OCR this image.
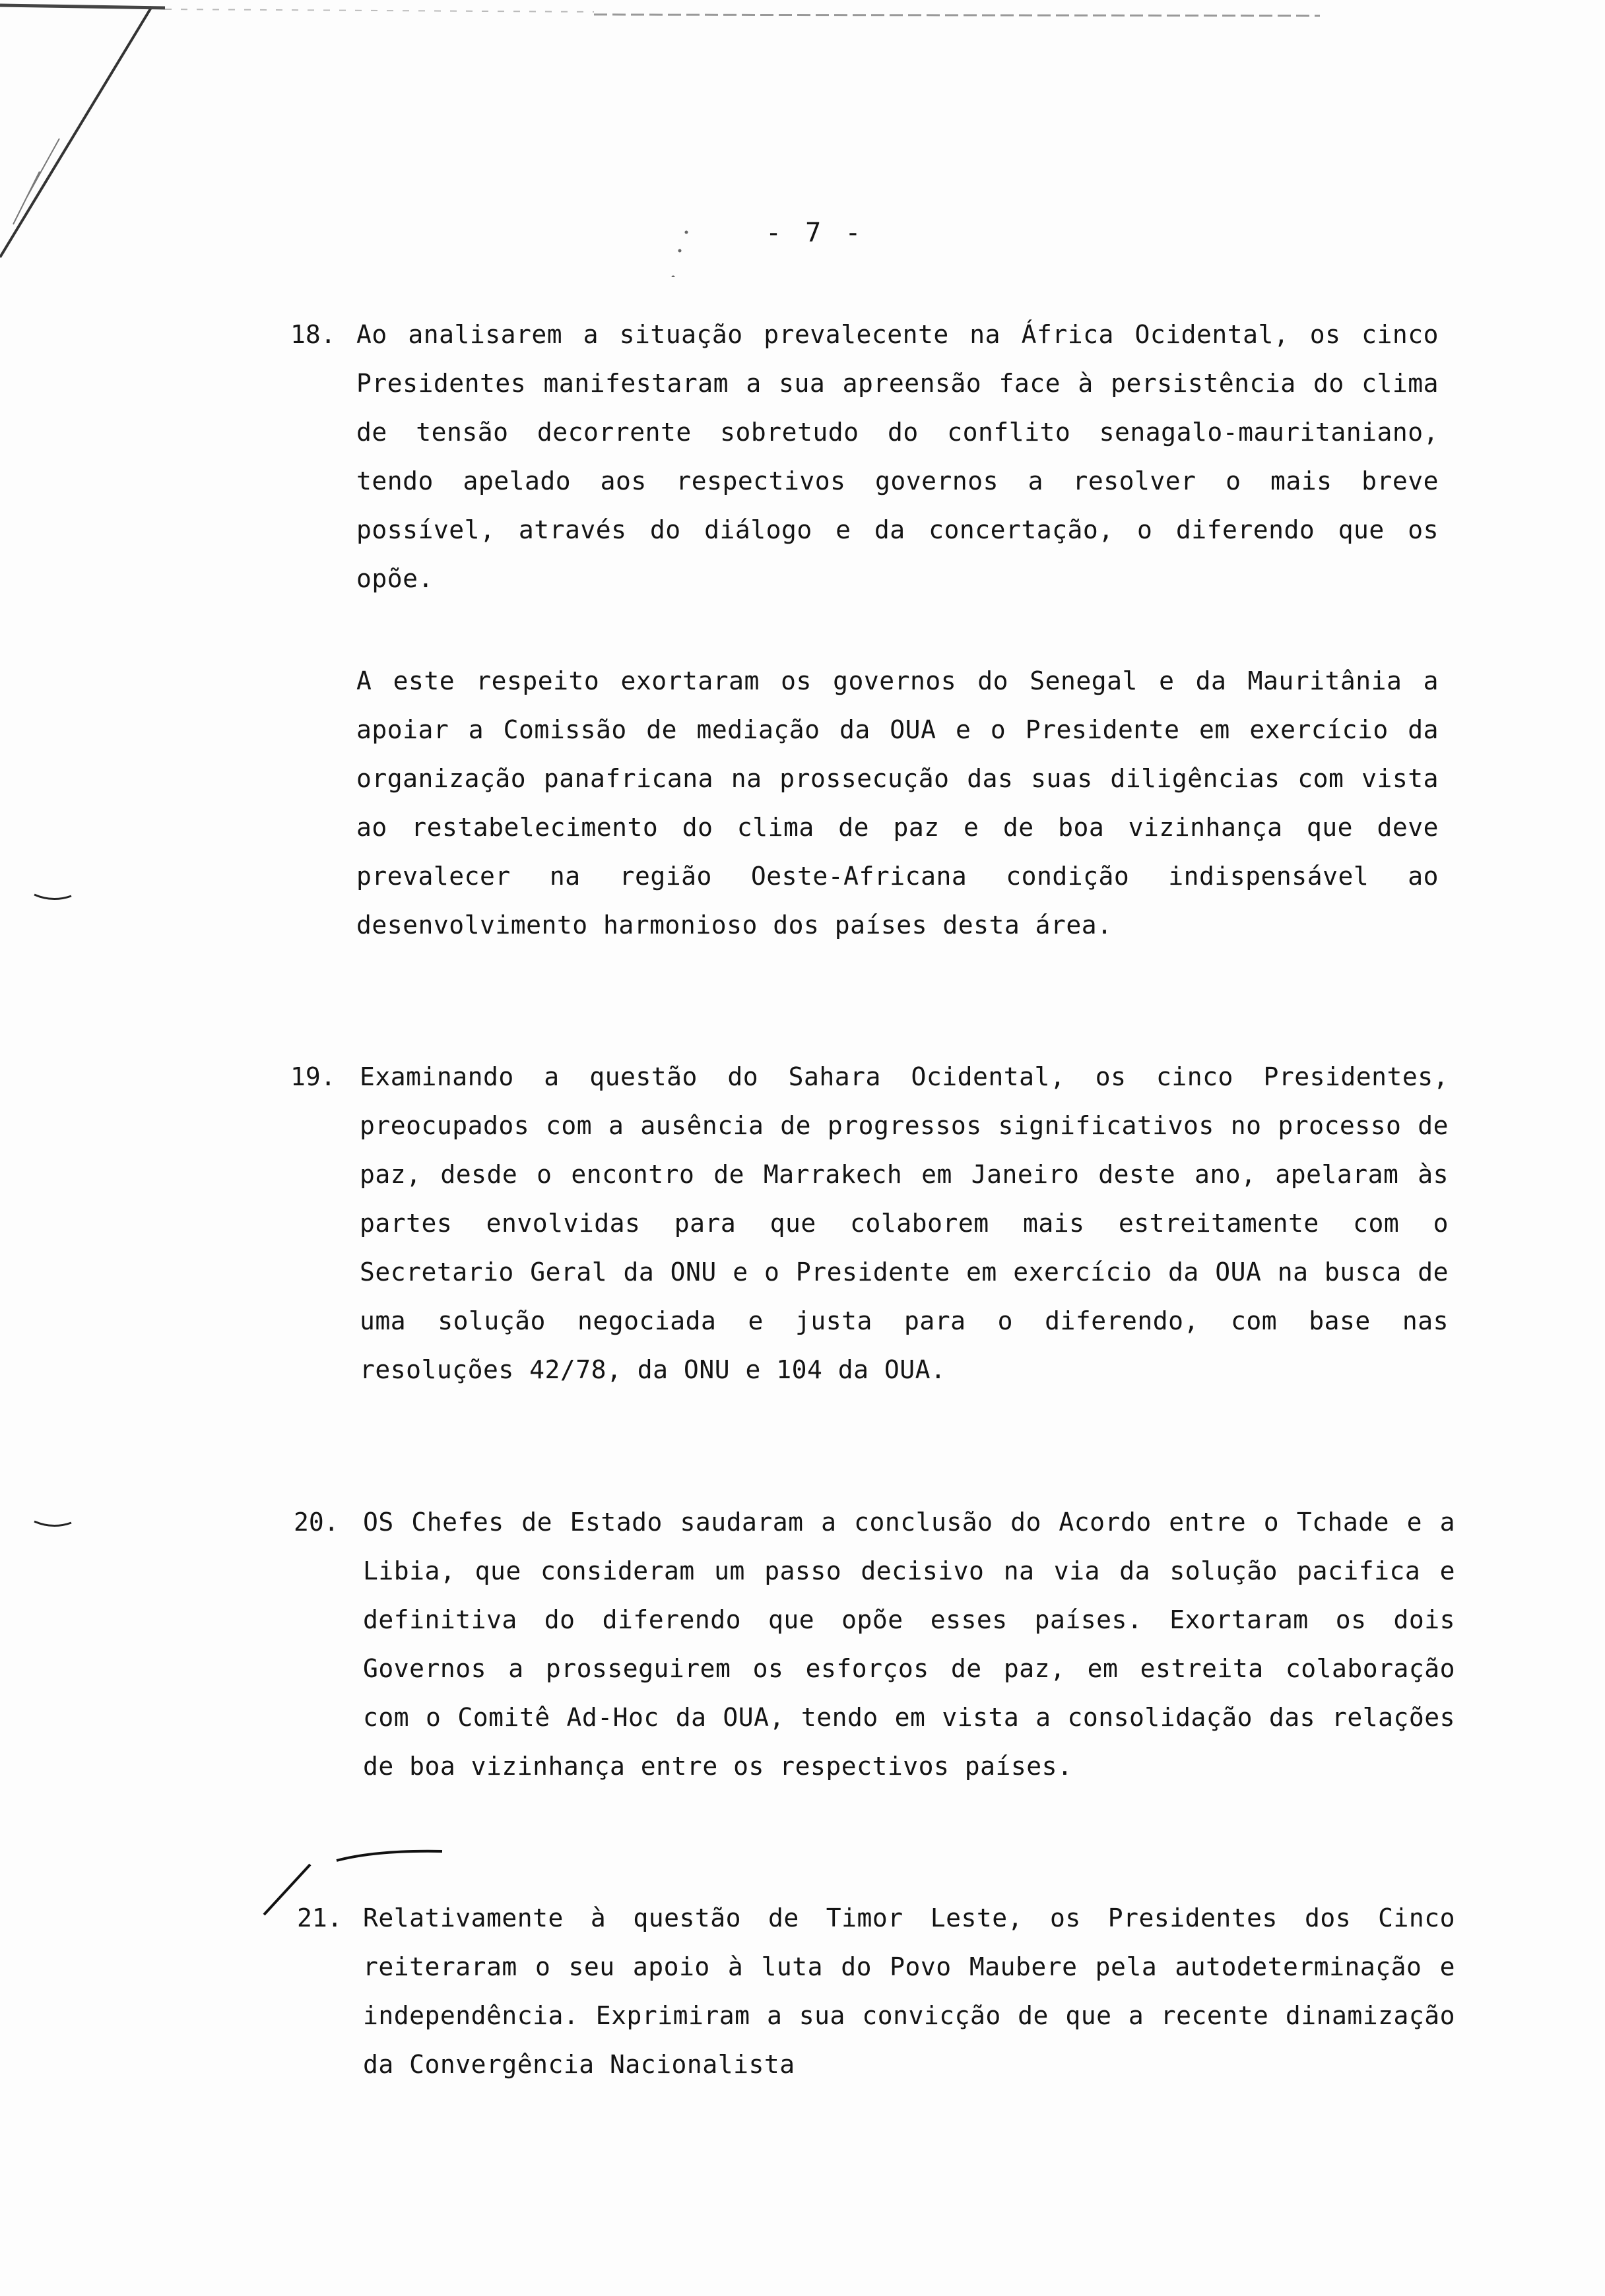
- 7 -
18. Ao analisarem a situação prevalecente na África Ocidental, os cinco Presidentes manifestaram a sua apreensão face à persistência do clima de tensão decorrente sobretudo do conflito senagalo-mauritaniano, tendo apelado aos respectivos governos a resolver o mais breve possível, através do diálogo e da concertação, o diferendo que os opõe.

A este respeito exortaram os governos do Senegal e da Mauritânia a apoiar a Comissão de mediação da OUA e o Presidente em exercício da organização panafricana na prossecução das suas diligências com vista ao restabelecimento do clima de paz e de boa vizinhança que deve prevalecer na região Oeste-Africana condição indispensável ao desenvolvimento harmonioso dos países desta área.

19. Examinando a questão do Sahara Ocidental, os cinco Presidentes, preocupados com a ausência de progressos significativos no processo de paz, desde o encontro de Marrakech em Janeiro deste ano, apelaram às partes envolvidas para que colaborem mais estreitamente com o Secretario Geral da ONU e o Presidente em exercício da OUA na busca de uma solução negociada e justa para o diferendo, com base nas resoluções 42/78, da ONU e 104 da OUA.

20. OS Chefes de Estado saudaram a conclusão do Acordo entre o Tchade e a Libia, que consideram um passo decisivo na via da solução pacifica e definitiva do diferendo que opõe esses países. Exortaram os dois Governos a prosseguirem os esforços de paz, em estreita colaboração com o Comitê Ad-Hoc da OUA, tendo em vista a consolidação das relações de boa vizinhança entre os respectivos países.

21. Relativamente à questão de Timor Leste, os Presidentes dos Cinco reiteraram o seu apoio à luta do Povo Maubere pela autodeterminação e independência. Exprimiram a sua convicção de que a recente dinamização da Convergência Nacionalista
